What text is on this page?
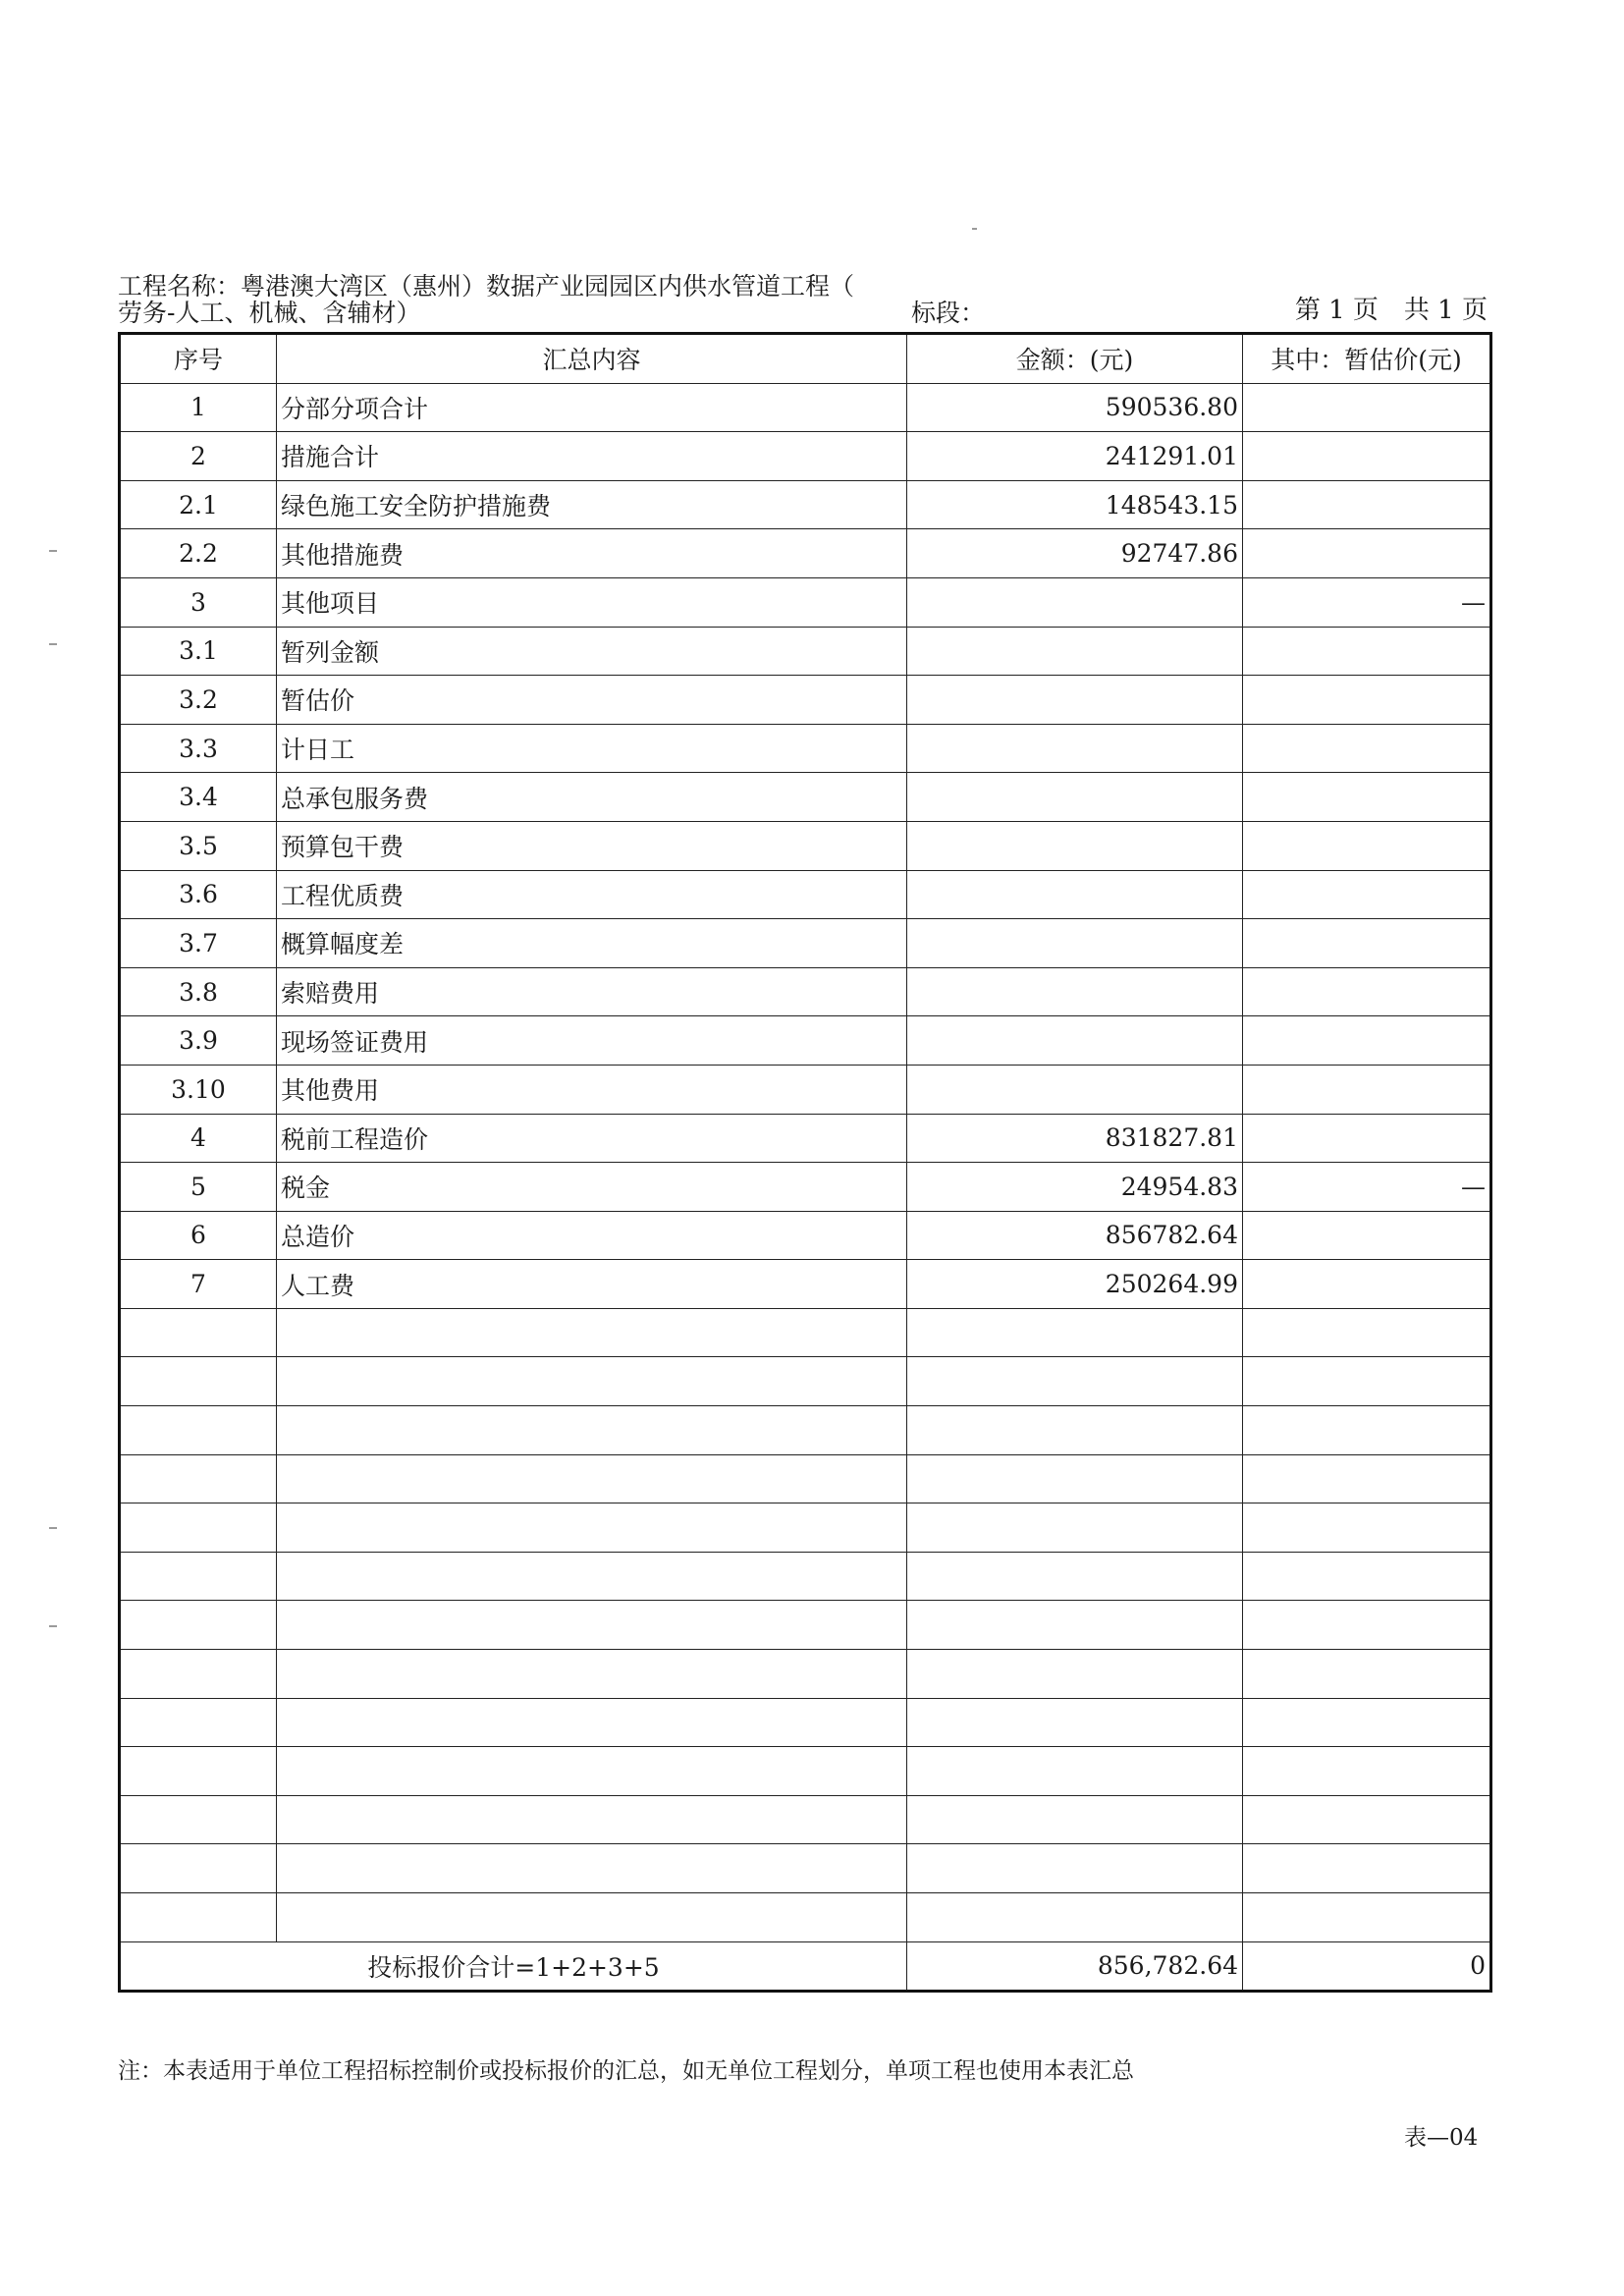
工程名称：粤港澳大湾区（惠州）数据产业园园区内供水管道工程（
劳务-人工、机械、含辅材）	标段：	第 1 页　共 1 页
序号	汇总内容	金额：(元)	其中：暂估价(元)
1	分部分项合计	590536.80	
2	措施合计	241291.01	
2.1	绿色施工安全防护措施费	148543.15	
2.2	其他措施费	92747.86	
3	其他项目		—
3.1	暂列金额		
3.2	暂估价		
3.3	计日工		
3.4	总承包服务费		
3.5	预算包干费		
3.6	工程优质费		
3.7	概算幅度差		
3.8	索赔费用		
3.9	现场签证费用		
3.10	其他费用		
4	税前工程造价	831827.81	
5	税金	24954.83	—
6	总造价	856782.64	
7	人工费	250264.99	

投标报价合计=1+2+3+5		856,782.64	0
注：本表适用于单位工程招标控制价或投标报价的汇总，如无单位工程划分，单项工程也使用本表汇总
表—04
